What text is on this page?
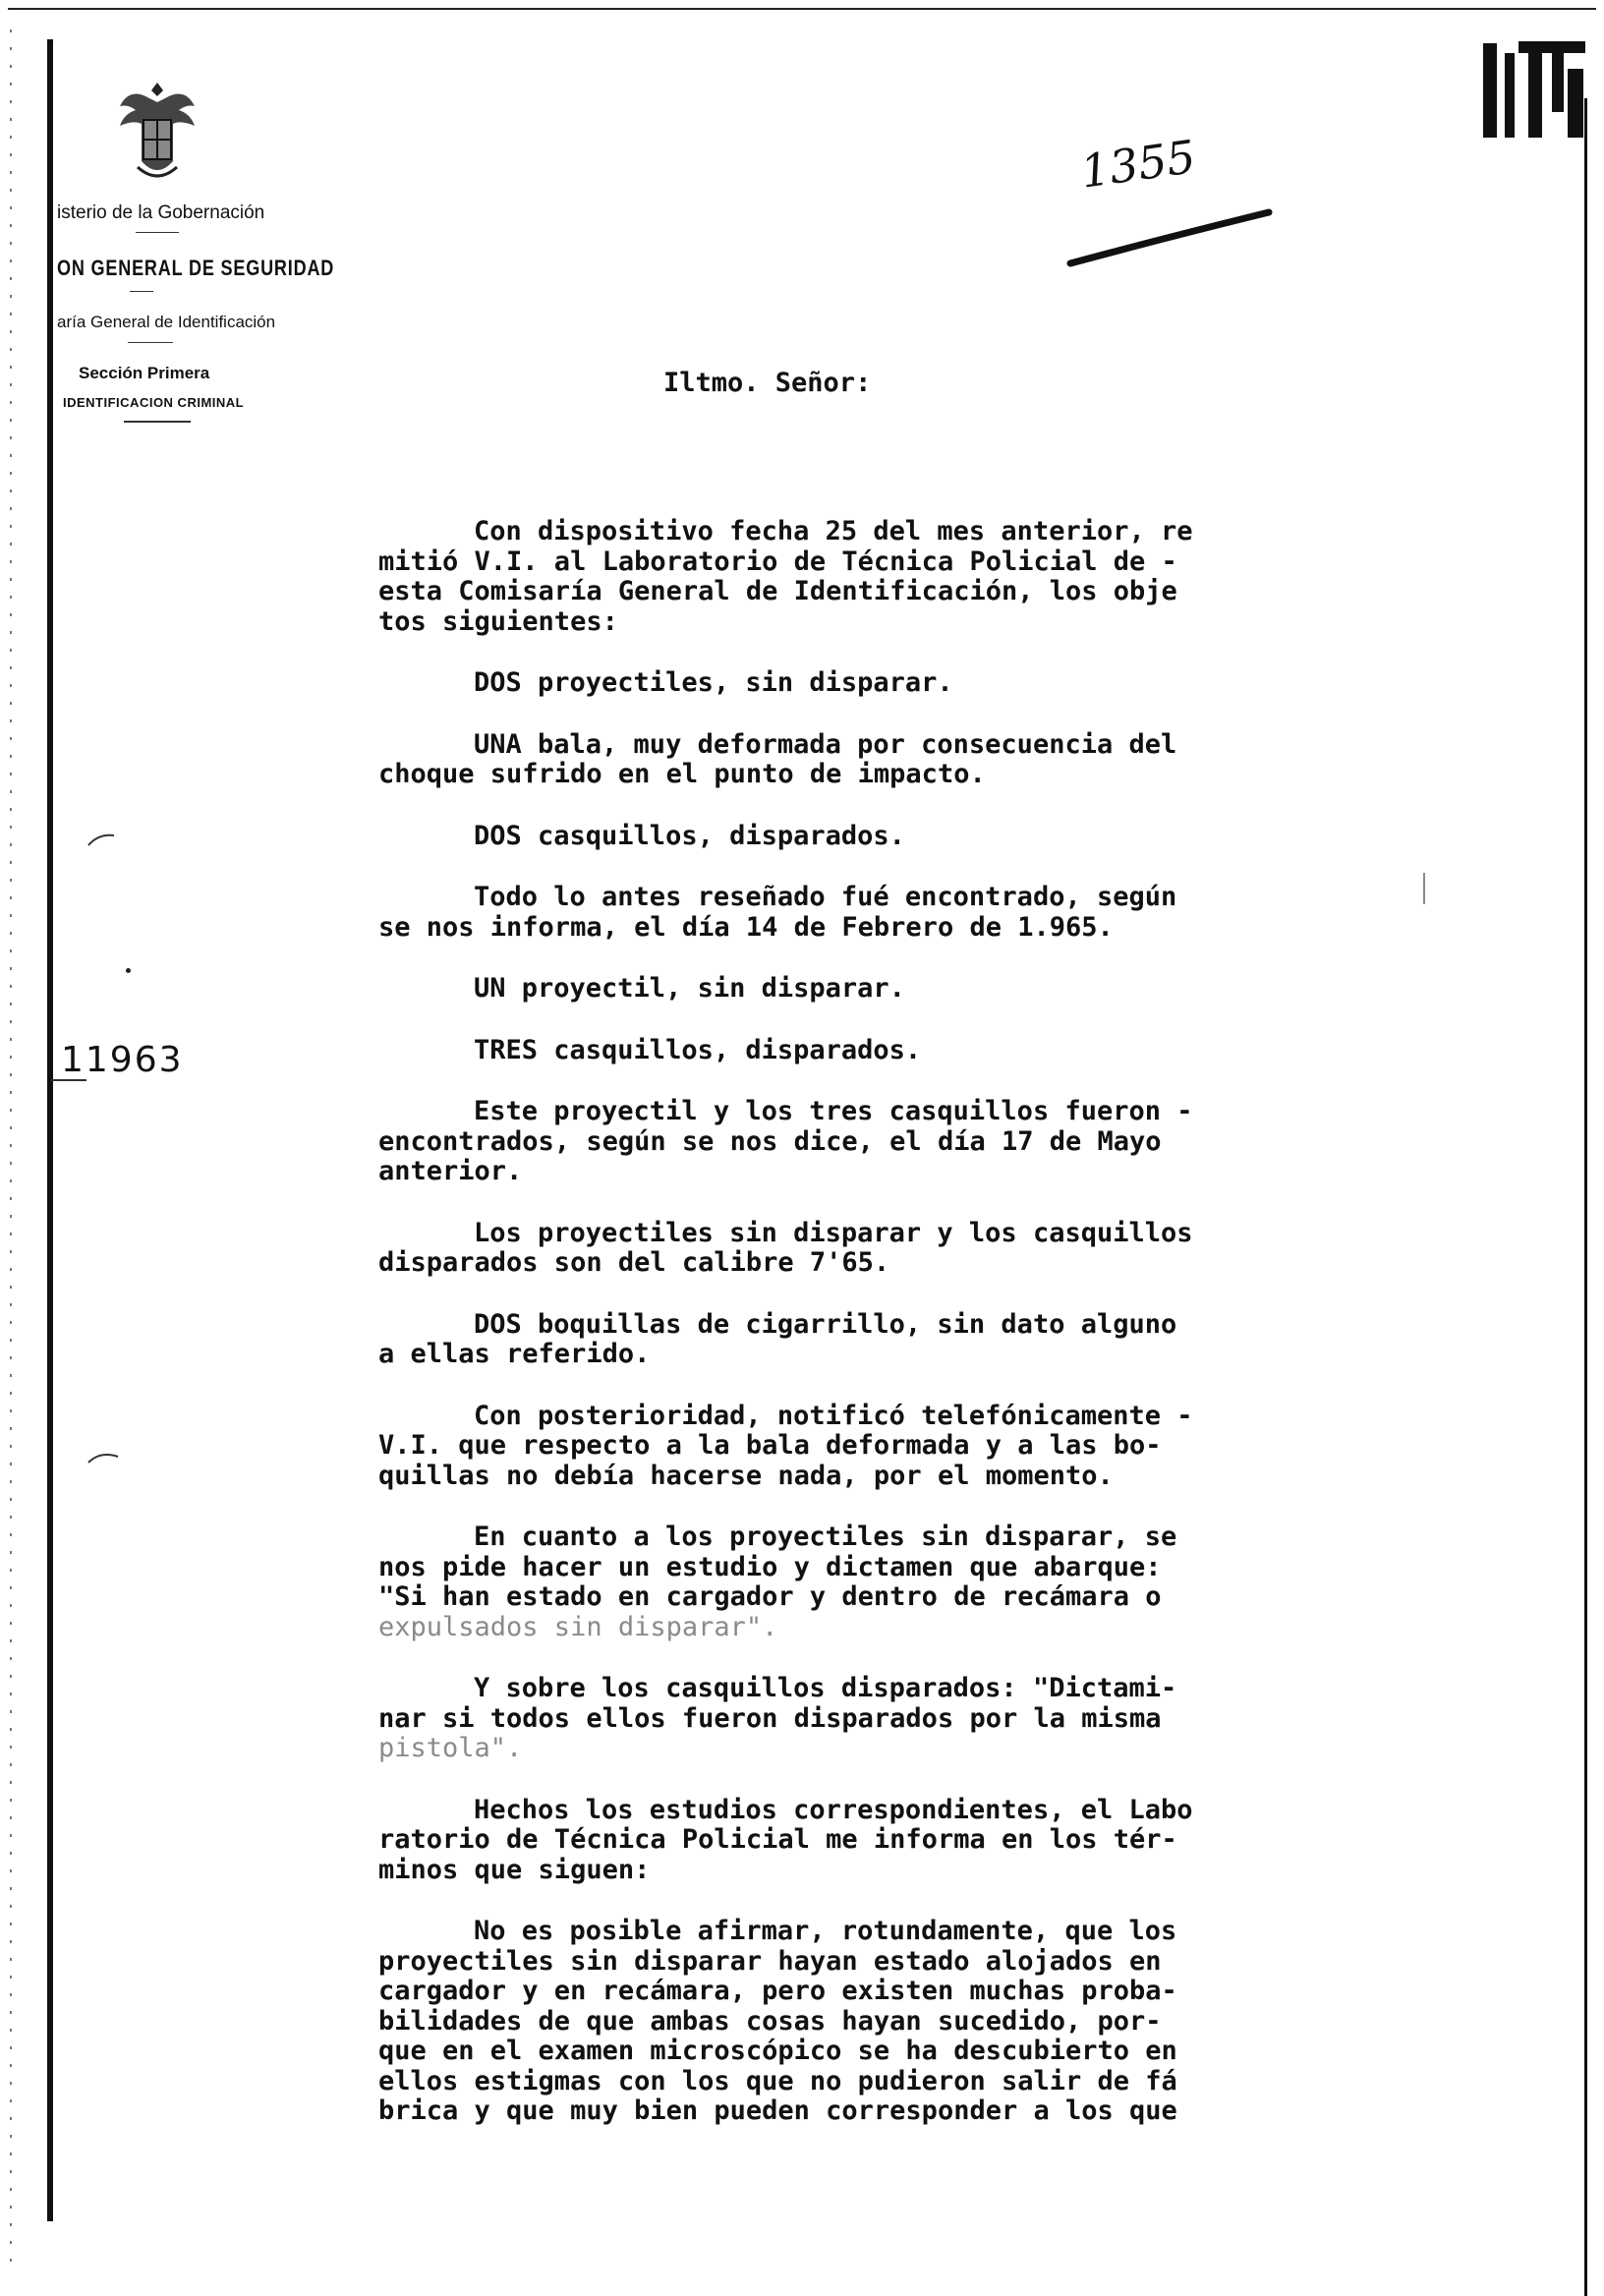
isterio de la Gobernación
ON GENERAL DE SEGURIDAD
aría General de Identificación
Sección Primera
IDENTIFICACION CRIMINAL
1355
11963
Iltmo. Señor:
Con dispositivo fecha 25 del mes anterior, re
mitió V.I. al Laboratorio de Técnica Policial de -
esta Comisaría General de Identificación, los obje
tos siguientes:
DOS proyectiles, sin disparar.
UNA bala, muy deformada por consecuencia del
choque sufrido en el punto de impacto.
DOS casquillos, disparados.
Todo lo antes reseñado fué encontrado, según
se nos informa, el día 14 de Febrero de 1.965.
UN proyectil, sin disparar.
TRES casquillos, disparados.
Este proyectil y los tres casquillos fueron -
encontrados, según se nos dice, el día 17 de Mayo
anterior.
Los proyectiles sin disparar y los casquillos
disparados son del calibre 7'65.
DOS boquillas de cigarrillo, sin dato alguno
a ellas referido.
Con posterioridad, notificó telefónicamente -
V.I. que respecto a la bala deformada y a las bo-
quillas no debía hacerse nada, por el momento.
En cuanto a los proyectiles sin disparar, se
nos pide hacer un estudio y dictamen que abarque:
"Si han estado en cargador y dentro de recámara o
expulsados sin disparar".
Y sobre los casquillos disparados: "Dictami-
nar si todos ellos fueron disparados por la misma
pistola".
Hechos los estudios correspondientes, el Labo
ratorio de Técnica Policial me informa en los tér-
minos que siguen:
No es posible afirmar, rotundamente, que los
proyectiles sin disparar hayan estado alojados en
cargador y en recámara, pero existen muchas proba-
bilidades de que ambas cosas hayan sucedido, por-
que en el examen microscópico se ha descubierto en
ellos estigmas con los que no pudieron salir de fá
brica y que muy bien pueden corresponder a los que
